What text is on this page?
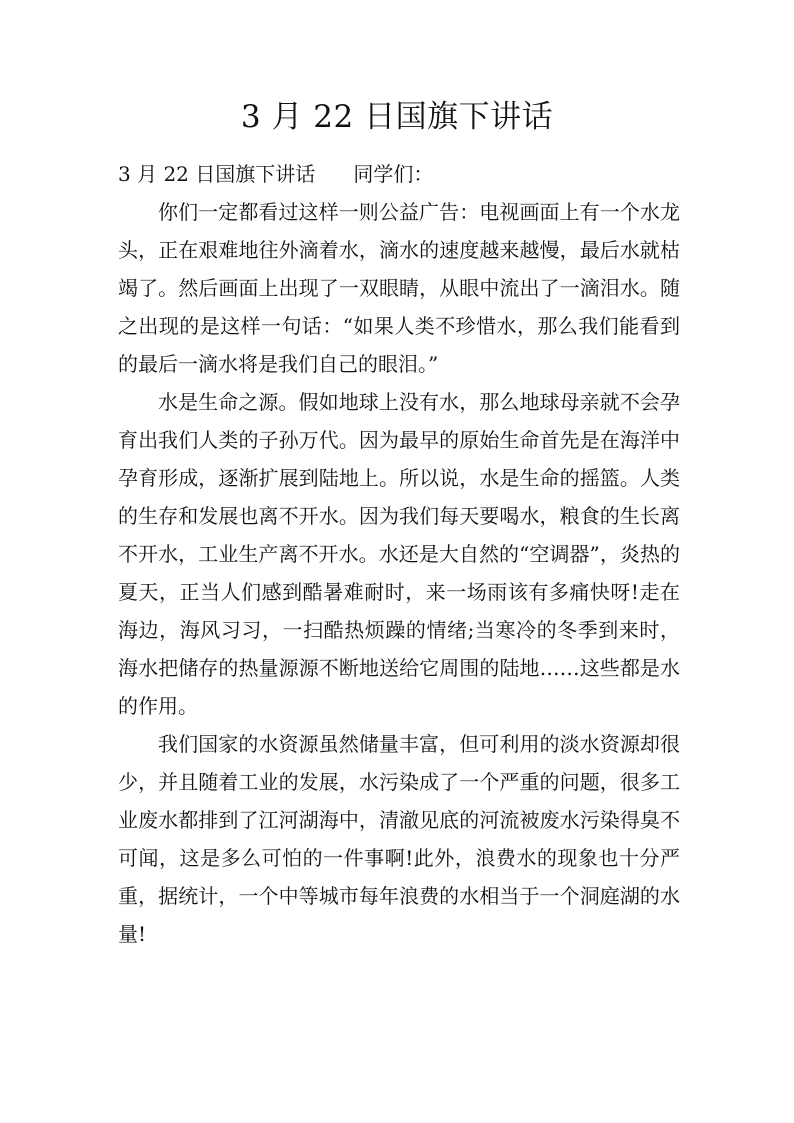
3 月 22 日国旗下讲话

3 月 22 日国旗下讲话      同学们：

你们一定都看过这样一则公益广告：电视画面上有一个水龙头，正在艰难地往外滴着水，滴水的速度越来越慢，最后水就枯竭了。然后画面上出现了一双眼睛，从眼中流出了一滴泪水。随之出现的是这样一句话：“如果人类不珍惜水，那么我们能看到的最后一滴水将是我们自己的眼泪。”

水是生命之源。假如地球上没有水，那么地球母亲就不会孕育出我们人类的子孙万代。因为最早的原始生命首先是在海洋中孕育形成，逐渐扩展到陆地上。所以说，水是生命的摇篮。人类的生存和发展也离不开水。因为我们每天要喝水，粮食的生长离不开水，工业生产离不开水。水还是大自然的“空调器”，炎热的夏天，正当人们感到酷暑难耐时，来一场雨该有多痛快呀!走在海边，海风习习，一扫酷热烦躁的情绪;当寒冷的冬季到来时，海水把储存的热量源源不断地送给它周围的陆地……这些都是水的作用。

我们国家的水资源虽然储量丰富，但可利用的淡水资源却很少，并且随着工业的发展，水污染成了一个严重的问题，很多工业废水都排到了江河湖海中，清澈见底的河流被废水污染得臭不可闻，这是多么可怕的一件事啊!此外，浪费水的现象也十分严重，据统计，一个中等城市每年浪费的水相当于一个洞庭湖的水量!
